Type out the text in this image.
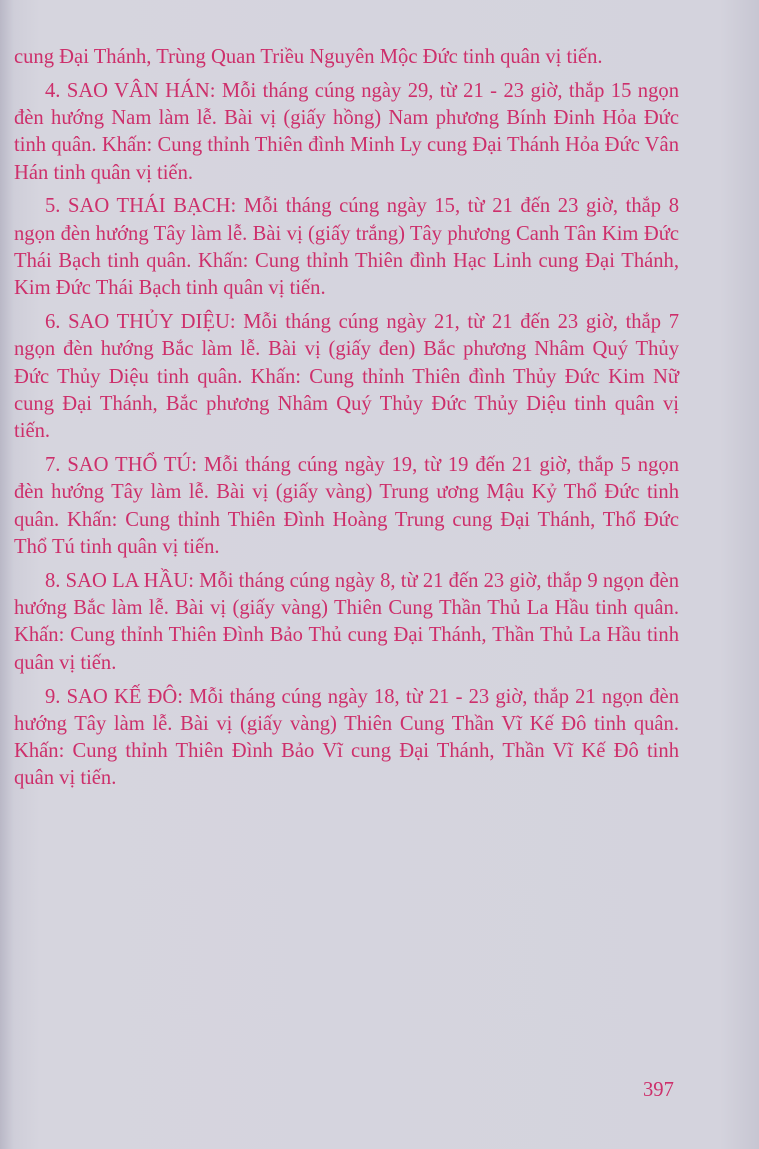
cung Đại Thánh, Trùng Quan Triều Nguyên Mộc Đức tinh quân vị tiến.

4. SAO VÂN HÁN: Mỗi tháng cúng ngày 29, từ 21 - 23 giờ, thắp 15 ngọn đèn hướng Nam làm lễ. Bài vị (giấy hồng) Nam phương Bính Đinh Hỏa Đức tinh quân. Khấn: Cung thỉnh Thiên đình Minh Ly cung Đại Thánh Hỏa Đức Vân Hán tinh quân vị tiến.

5. SAO THÁI BẠCH: Mỗi tháng cúng ngày 15, từ 21 đến 23 giờ, thắp 8 ngọn đèn hướng Tây làm lễ. Bài vị (giấy trắng) Tây phương Canh Tân Kim Đức Thái Bạch tinh quân. Khấn: Cung thỉnh Thiên đình Hạc Linh cung Đại Thánh, Kim Đức Thái Bạch tinh quân vị tiến.

6. SAO THỦY DIỆU: Mỗi tháng cúng ngày 21, từ 21 đến 23 giờ, thắp 7 ngọn đèn hướng Bắc làm lễ. Bài vị (giấy đen) Bắc phương Nhâm Quý Thủy Đức Thủy Diệu tinh quân. Khấn: Cung thỉnh Thiên đình Thủy Đức Kim Nữ cung Đại Thánh, Bắc phương Nhâm Quý Thủy Đức Thủy Diệu tinh quân vị tiến.

7. SAO THỔ TÚ: Mỗi tháng cúng ngày 19, từ 19 đến 21 giờ, thắp 5 ngọn đèn hướng Tây làm lễ. Bài vị (giấy vàng) Trung ương Mậu Kỷ Thổ Đức tinh quân. Khấn: Cung thỉnh Thiên Đình Hoàng Trung cung Đại Thánh, Thổ Đức Thổ Tú tinh quân vị tiến.

8. SAO LA HẦU: Mỗi tháng cúng ngày 8, từ 21 đến 23 giờ, thắp 9 ngọn đèn hướng Bắc làm lễ. Bài vị (giấy vàng) Thiên Cung Thần Thủ La Hầu tinh quân. Khấn: Cung thỉnh Thiên Đình Bảo Thủ cung Đại Thánh, Thần Thủ La Hầu tinh quân vị tiến.

9. SAO KẾ ĐÔ: Mỗi tháng cúng ngày 18, từ 21 - 23 giờ, thắp 21 ngọn đèn hướng Tây làm lễ. Bài vị (giấy vàng) Thiên Cung Thần Vĩ Kế Đô tinh quân. Khấn: Cung thỉnh Thiên Đình Bảo Vĩ cung Đại Thánh, Thần Vĩ Kế Đô tinh quân vị tiến.

397
